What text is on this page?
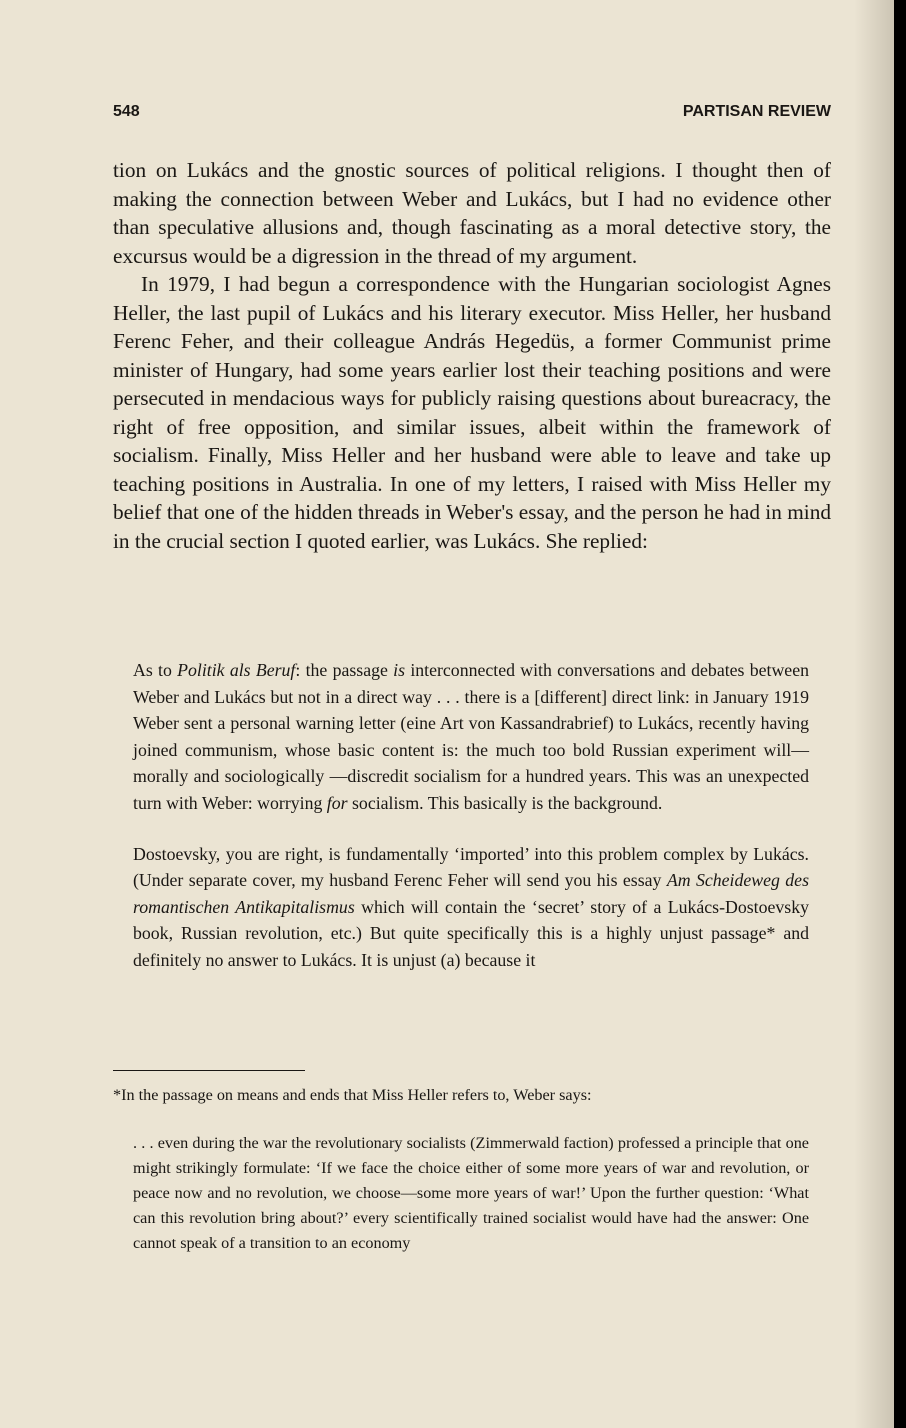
548	PARTISAN REVIEW

tion on Lukács and the gnostic sources of political religions. I thought then of making the connection between Weber and Lukács, but I had no evidence other than speculative allusions and, though fascinating as a moral detective story, the excursus would be a digression in the thread of my argument.

In 1979, I had begun a correspondence with the Hungarian sociologist Agnes Heller, the last pupil of Lukács and his literary executor. Miss Heller, her husband Ferenc Feher, and their colleague András Hegedüs, a former Communist prime minister of Hungary, had some years earlier lost their teaching positions and were persecuted in mendacious ways for publicly raising questions about bureacracy, the right of free opposition, and similar issues, albeit within the framework of socialism. Finally, Miss Heller and her husband were able to leave and take up teaching positions in Australia. In one of my letters, I raised with Miss Heller my belief that one of the hidden threads in Weber's essay, and the person he had in mind in the crucial section I quoted earlier, was Lukács. She replied:

As to Politik als Beruf: the passage is interconnected with conversations and debates between Weber and Lukács but not in a direct way . . . there is a [different] direct link: in January 1919 Weber sent a personal warning letter (eine Art von Kassandrabrief) to Lukács, recently having joined communism, whose basic content is: the much too bold Russian experiment will—morally and sociologically —discredit socialism for a hundred years. This was an unexpected turn with Weber: worrying for socialism. This basically is the background.

Dostoevsky, you are right, is fundamentally ‘imported’ into this problem complex by Lukács. (Under separate cover, my husband Ferenc Feher will send you his essay Am Scheideweg des romantischen Antikapitalismus which will contain the ‘secret’ story of a Lukács-Dostoevsky book, Russian revolution, etc.) But quite specifically this is a highly unjust passage* and definitely no answer to Lukács. It is unjust (a) because it

*In the passage on means and ends that Miss Heller refers to, Weber says:

. . . even during the war the revolutionary socialists (Zimmerwald faction) professed a principle that one might strikingly formulate: ‘If we face the choice either of some more years of war and revolution, or peace now and no revolution, we choose—some more years of war!’ Upon the further question: ‘What can this revolution bring about?’ every scientifically trained socialist would have had the answer: One cannot speak of a transition to an economy
